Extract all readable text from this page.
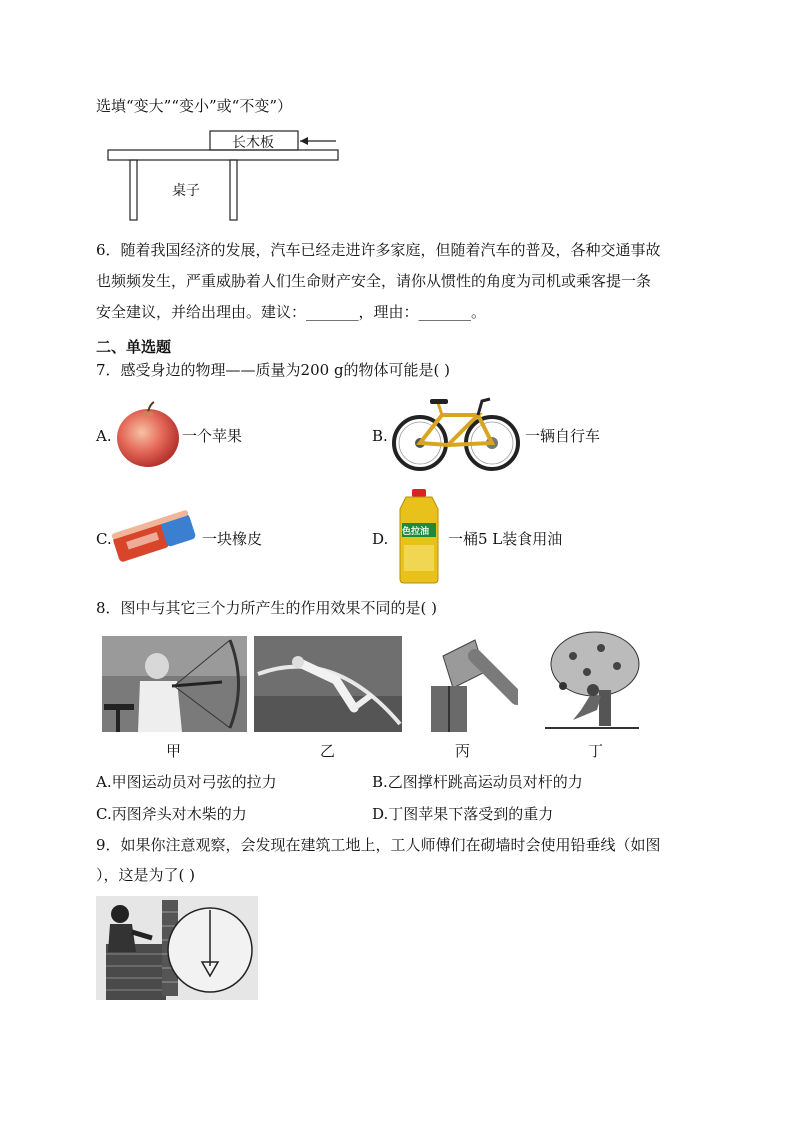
选填“变大”“变小”或“不变”）
长木板
桌子
6．随着我国经济的发展，汽车已经走进许多家庭，但随着汽车的普及，各种交通事故
也频频发生，严重威胁着人们生命财产安全，请你从惯性的角度为司机或乘客提一条
安全建议，并给出理由。建议：_______，理由：_______。
二、单选题
7．感受身边的物理——质量为200 g的物体可能是( )
A.	一个苹果	B.	一辆自行车
C.	一块橡皮	D. 色拉油 一桶5 L装食用油
8．图中与其它三个力所产生的作用效果不同的是( )
甲	乙	丙	丁
A.甲图运动员对弓弦的拉力	B.乙图撑杆跳高运动员对杆的力
C.丙图斧头对木柴的力	D.丁图苹果下落受到的重力
9．如果你注意观察，会发现在建筑工地上，工人师傅们在砌墙时会使用铅垂线（如图
），这是为了( )
